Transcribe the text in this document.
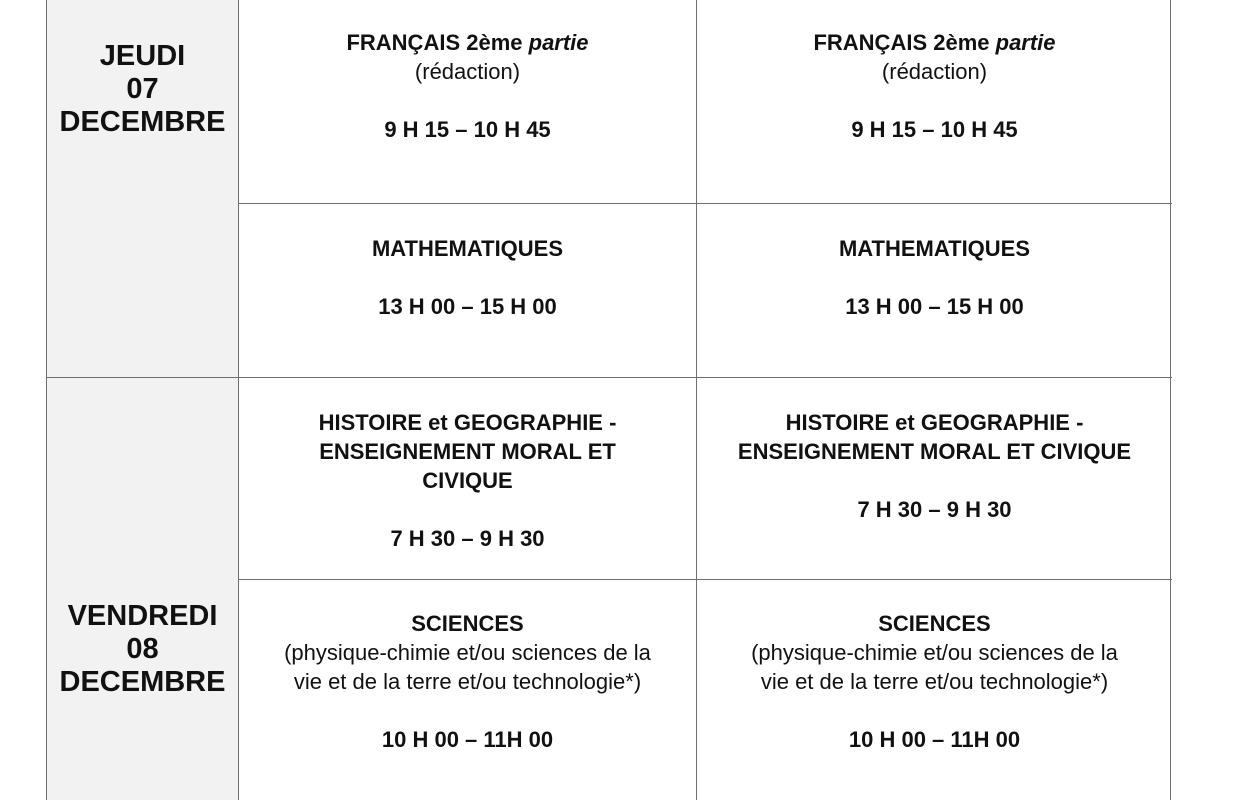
JEUDI
07
DECEMBRE
FRANÇAIS 2ème partie
(rédaction)
9 H 15 – 10 H 45
FRANÇAIS 2ème partie
(rédaction)
9 H 15 – 10 H 45
MATHEMATIQUES
13 H 00 – 15 H 00
MATHEMATIQUES
13 H 00 – 15 H 00
VENDREDI
08
DECEMBRE
HISTOIRE et GEOGRAPHIE -
ENSEIGNEMENT MORAL ET
CIVIQUE
7 H 30 – 9 H 30
HISTOIRE et GEOGRAPHIE -
ENSEIGNEMENT MORAL ET CIVIQUE
7 H 30 – 9 H 30
SCIENCES
(physique-chimie et/ou sciences de la
vie et de la terre et/ou technologie*)
10 H 00 – 11H 00
SCIENCES
(physique-chimie et/ou sciences de la
vie et de la terre et/ou technologie*)
10 H 00 – 11H 00
